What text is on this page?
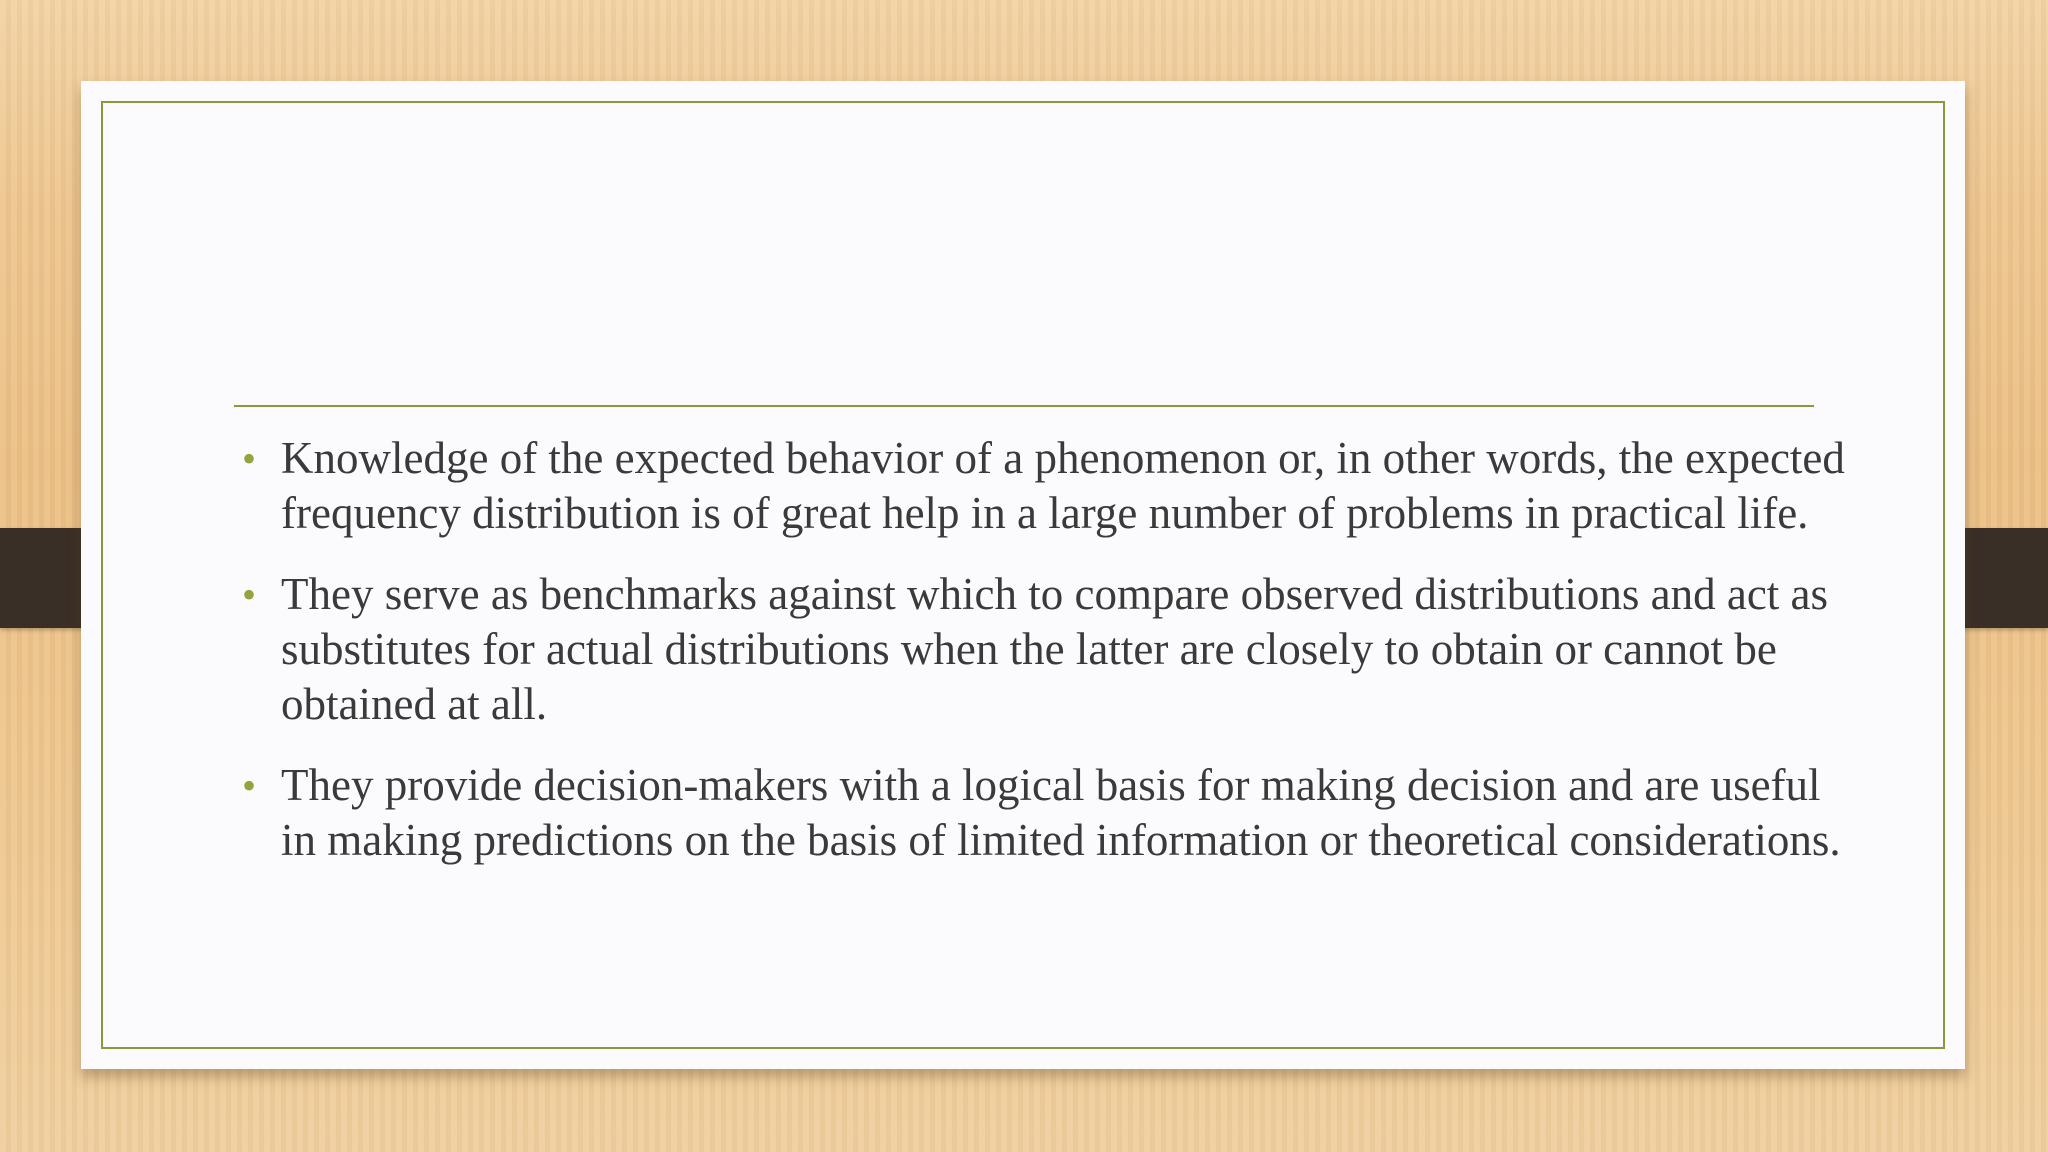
• Knowledge of the expected behavior of a phenomenon or, in other words, the expected frequency distribution is of great help in a large number of problems in practical life.
• They serve as benchmarks against which to compare observed distributions and act as substitutes for actual distributions when the latter are closely to obtain or cannot be obtained at all.
• They provide decision-makers with a logical basis for making decision and are useful in making predictions on the basis of limited information or theoretical considerations.
